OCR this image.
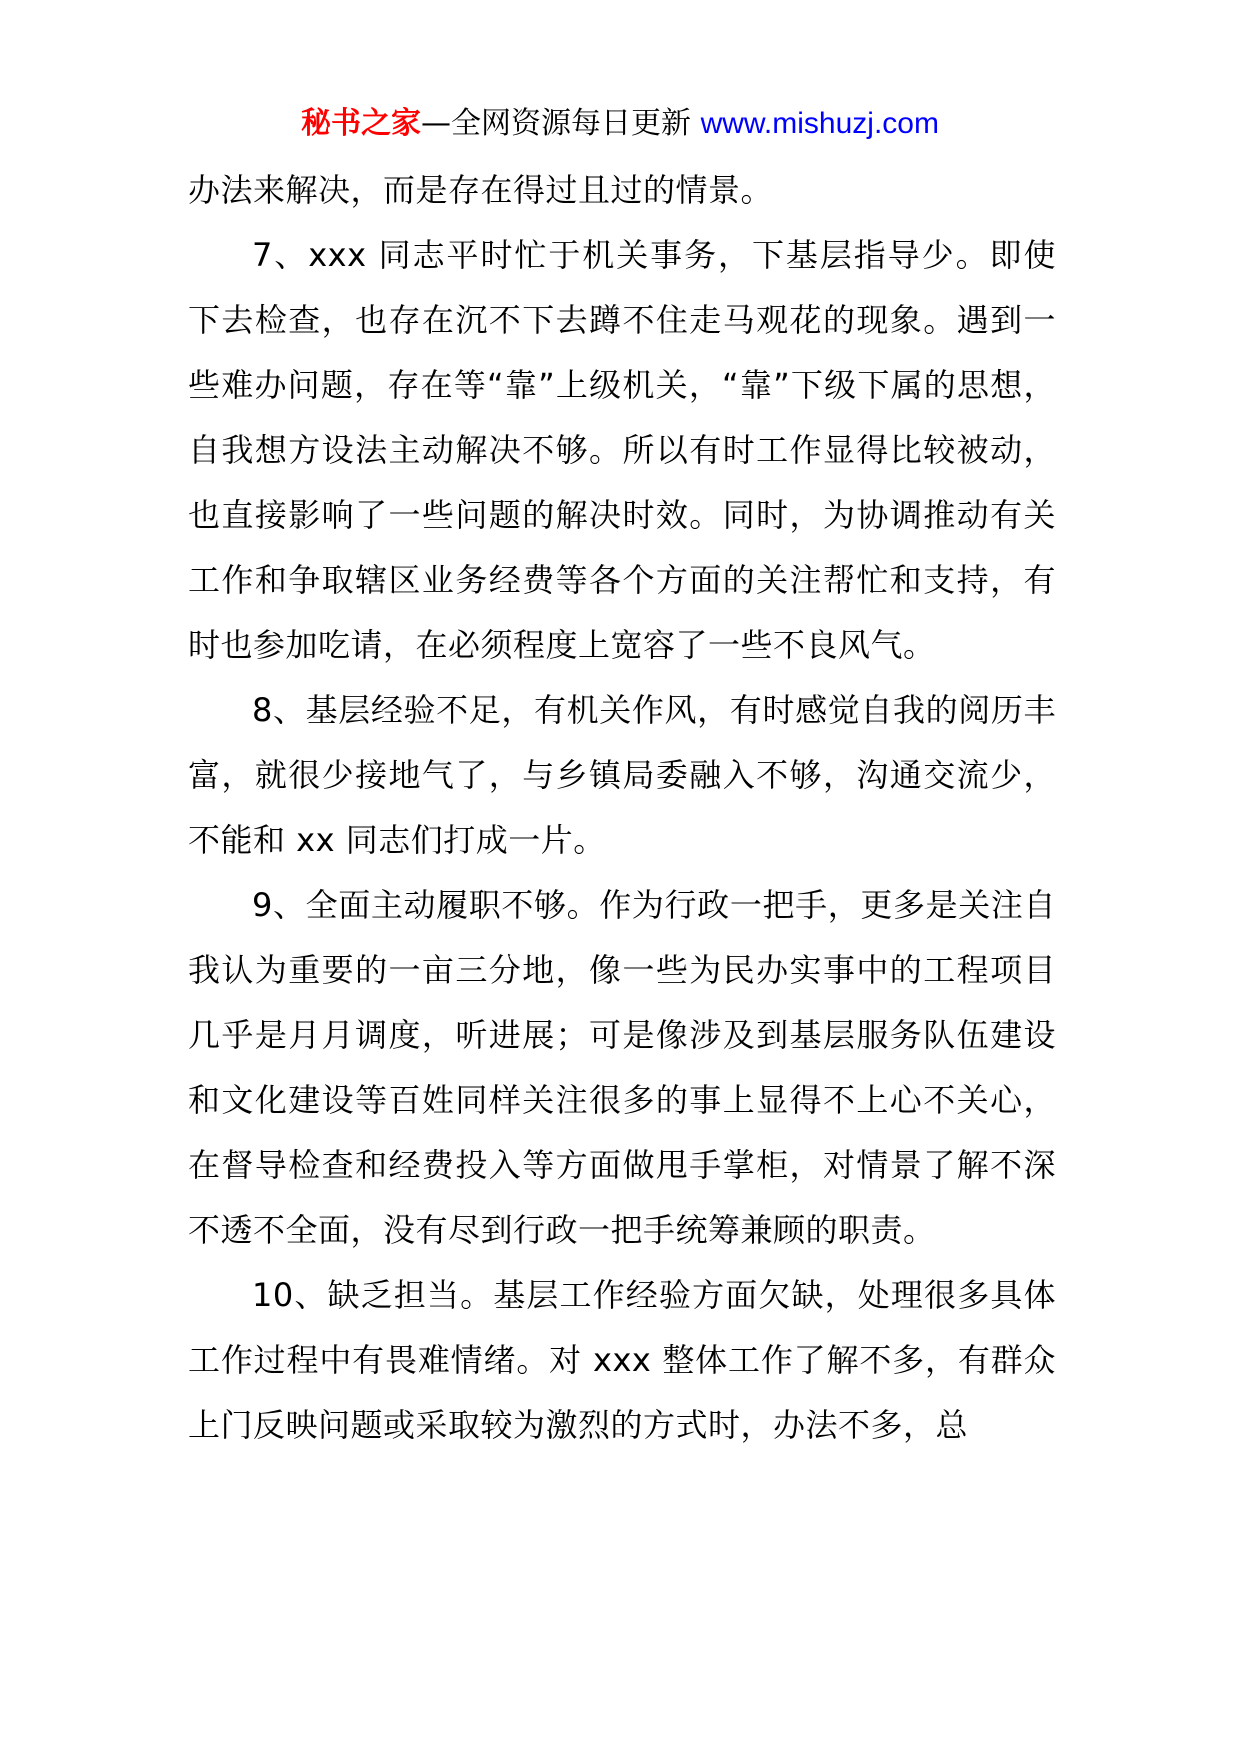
秘书之家—全网资源每日更新 www.mishuzj.com

办法来解决，而是存在得过且过的情景。

7、xxx 同志平时忙于机关事务，下基层指导少。即使下去检查，也存在沉不下去蹲不住走马观花的现象。遇到一些难办问题，存在等“靠”上级机关，“靠”下级下属的思想，自我想方设法主动解决不够。所以有时工作显得比较被动，也直接影响了一些问题的解决时效。同时，为协调推动有关工作和争取辖区业务经费等各个方面的关注帮忙和支持，有时也参加吃请，在必须程度上宽容了一些不良风气。

8、基层经验不足，有机关作风，有时感觉自我的阅历丰富，就很少接地气了，与乡镇局委融入不够，沟通交流少，不能和 xx 同志们打成一片。

9、全面主动履职不够。作为行政一把手，更多是关注自我认为重要的一亩三分地，像一些为民办实事中的工程项目几乎是月月调度，听进展；可是像涉及到基层服务队伍建设和文化建设等百姓同样关注很多的事上显得不上心不关心，在督导检查和经费投入等方面做甩手掌柜，对情景了解不深不透不全面，没有尽到行政一把手统筹兼顾的职责。

10、缺乏担当。基层工作经验方面欠缺，处理很多具体工作过程中有畏难情绪。对 xxx 整体工作了解不多，有群众上门反映问题或采取较为激烈的方式时，办法不多，总
